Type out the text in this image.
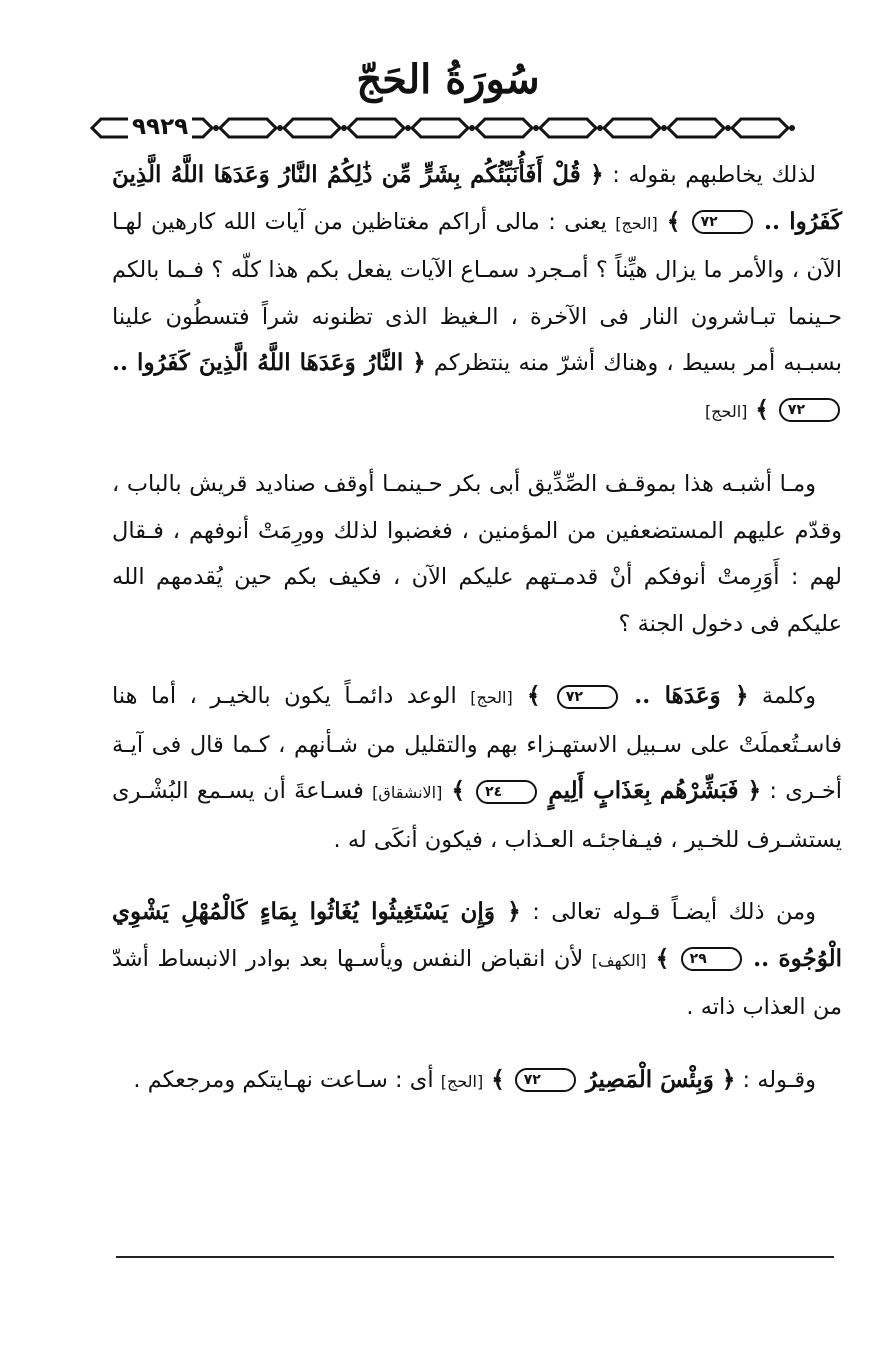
سُورَةُ الحَجّ
٩٩٢٩

لذلك يخاطبهم بقوله : ﴿ قُلْ أَفَأُنَبِّئُكُم بِشَرٍّ مِّن ذَٰلِكُمُ النَّارُ وَعَدَهَا اللَّهُ الَّذِينَ كَفَرُوا .. ٧٢ ﴾ [الحج] يعنى : مالى أراكم مغتاظين من آيات الله كارهين لهـا الآن ، والأمر ما يزال هيِّناً ؟ أمـجرد سمـاع الآيات يفعل بكم هذا كلّه ؟ فـما بالكم حـينما تبـاشرون النار فى الآخرة ، الـغيظ الذى تظنونه شراً فتسطُون علينا بسبـبه أمر بسيط ، وهناك أشرّ منه ينتظركم ﴿ النَّارُ وَعَدَهَا اللَّهُ الَّذِينَ كَفَرُوا .. ٧٢ ﴾ [الحج]

ومـا أشبـه هذا بموقـف الصِّدِّيق أبى بكر حـينمـا أوقف صناديد قريش بالباب ، وقدّم عليهم المستضعفين من المؤمنين ، فغضبوا لذلك وورِمَتْ أنوفهم ، فـقال لهم : أَوَرِمتْ أنوفكم أنْ قدمـتهم عليكم الآن ، فكيف بكم حين يُقدمهم الله عليكم فى دخول الجنة ؟

وكلمة ﴿ وَعَدَهَا .. ٧٢ ﴾ [الحج] الوعد دائمـاً يكون بالخيـر ، أما هنا فاسـتُعملَتْ على سـبيل الاستهـزاء بهم والتقليل من شـأنهم ، كـما قال فى آيـة أخـرى : ﴿ فَبَشِّرْهُم بِعَذَابٍ أَلِيمٍ ٢٤ ﴾ [الانشقاق] فسـاعةَ أن يسـمع البُشْـرى يستشـرف للخـير ، فيـفاجئـه العـذاب ، فيكون أنكَى له .

ومن ذلك أيضـاً قـوله تعالى : ﴿ وَإِن يَسْتَغِيثُوا يُغَاثُوا بِمَاءٍ كَالْمُهْلِ يَشْوِي الْوُجُوهَ .. ٢٩ ﴾ [الكهف] لأن انقباض النفس ويأسـها بعد بوادر الانبساط أشدّ من العذاب ذاته .

وقـوله : ﴿ وَبِئْسَ الْمَصِيرُ ٧٢ ﴾ [الحج] أى : سـاعت نهـايتكم ومرجعكم .
